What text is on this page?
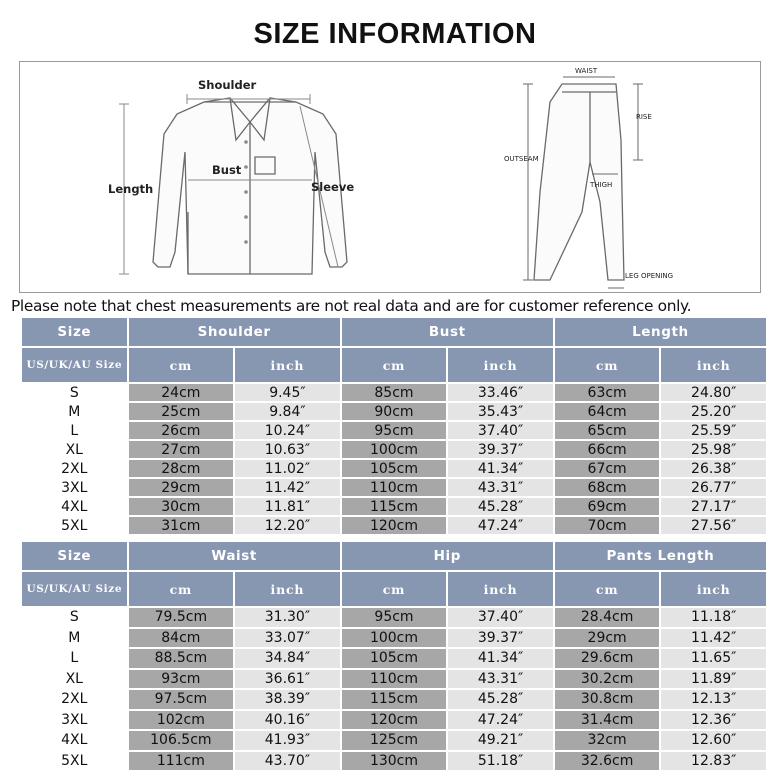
SIZE INFORMATION
Shoulder
Bust
Length	Sleeve
WAIST
RISE
OUTSEAM
THIGH
LEG OPENING
Please note that chest measurements are not real data and are for customer reference only.
Size	Shoulder		Bust		Length	
US/UK/AU Size	cm	inch	cm	inch	cm	inch
S	24cm	9.45″	85cm	33.46″	63cm	24.80″
M	25cm	9.84″	90cm	35.43″	64cm	25.20″
L	26cm	10.24″	95cm	37.40″	65cm	25.59″
XL	27cm	10.63″	100cm	39.37″	66cm	25.98″
2XL	28cm	11.02″	105cm	41.34″	67cm	26.38″
3XL	29cm	11.42″	110cm	43.31″	68cm	26.77″
4XL	30cm	11.81″	115cm	45.28″	69cm	27.17″
5XL	31cm	12.20″	120cm	47.24″	70cm	27.56″
Size	Waist		Hip		Pants Length	
US/UK/AU Size	cm	inch	cm	inch	cm	inch
S	79.5cm	31.30″	95cm	37.40″	28.4cm	11.18″
M	84cm	33.07″	100cm	39.37″	29cm	11.42″
L	88.5cm	34.84″	105cm	41.34″	29.6cm	11.65″
XL	93cm	36.61″	110cm	43.31″	30.2cm	11.89″
2XL	97.5cm	38.39″	115cm	45.28″	30.8cm	12.13″
3XL	102cm	40.16″	120cm	47.24″	31.4cm	12.36″
4XL	106.5cm	41.93″	125cm	49.21″	32cm	12.60″
5XL	111cm	43.70″	130cm	51.18″	32.6cm	12.83″
